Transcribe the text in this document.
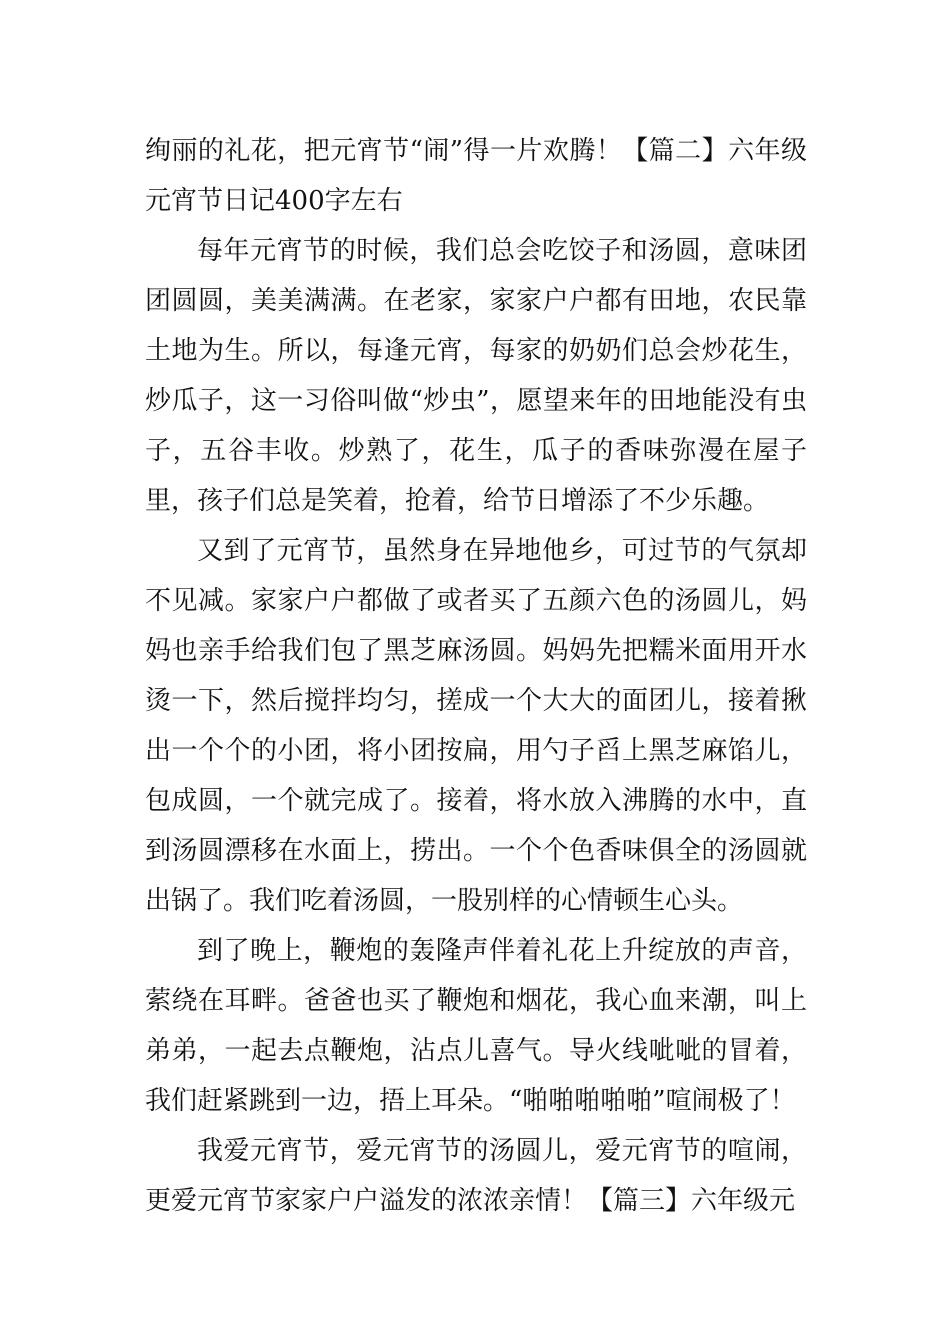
绚丽的礼花，把元宵节“闹”得一片欢腾！【篇二】六年级元宵节日记400字左右

每年元宵节的时候，我们总会吃饺子和汤圆，意味团团圆圆，美美满满。在老家，家家户户都有田地，农民靠土地为生。所以，每逢元宵，每家的奶奶们总会炒花生，炒瓜子，这一习俗叫做“炒虫”，愿望来年的田地能没有虫子，五谷丰收。炒熟了，花生，瓜子的香味弥漫在屋子里，孩子们总是笑着，抢着，给节日增添了不少乐趣。

又到了元宵节，虽然身在异地他乡，可过节的气氛却不见减。家家户户都做了或者买了五颜六色的汤圆儿，妈妈也亲手给我们包了黑芝麻汤圆。妈妈先把糯米面用开水烫一下，然后搅拌均匀，搓成一个大大的面团儿，接着揪出一个个的小团，将小团按扁，用勺子舀上黑芝麻馅儿，包成圆，一个就完成了。接着，将水放入沸腾的水中，直到汤圆漂移在水面上，捞出。一个个色香味俱全的汤圆就出锅了。我们吃着汤圆，一股别样的心情顿生心头。

到了晚上，鞭炮的轰隆声伴着礼花上升绽放的声音，萦绕在耳畔。爸爸也买了鞭炮和烟花，我心血来潮，叫上弟弟，一起去点鞭炮，沾点儿喜气。导火线呲呲的冒着，我们赶紧跳到一边，捂上耳朵。“啪啪啪啪啪”喧闹极了！

我爱元宵节，爱元宵节的汤圆儿，爱元宵节的喧闹，更爱元宵节家家户户溢发的浓浓亲情！【篇三】六年级元
